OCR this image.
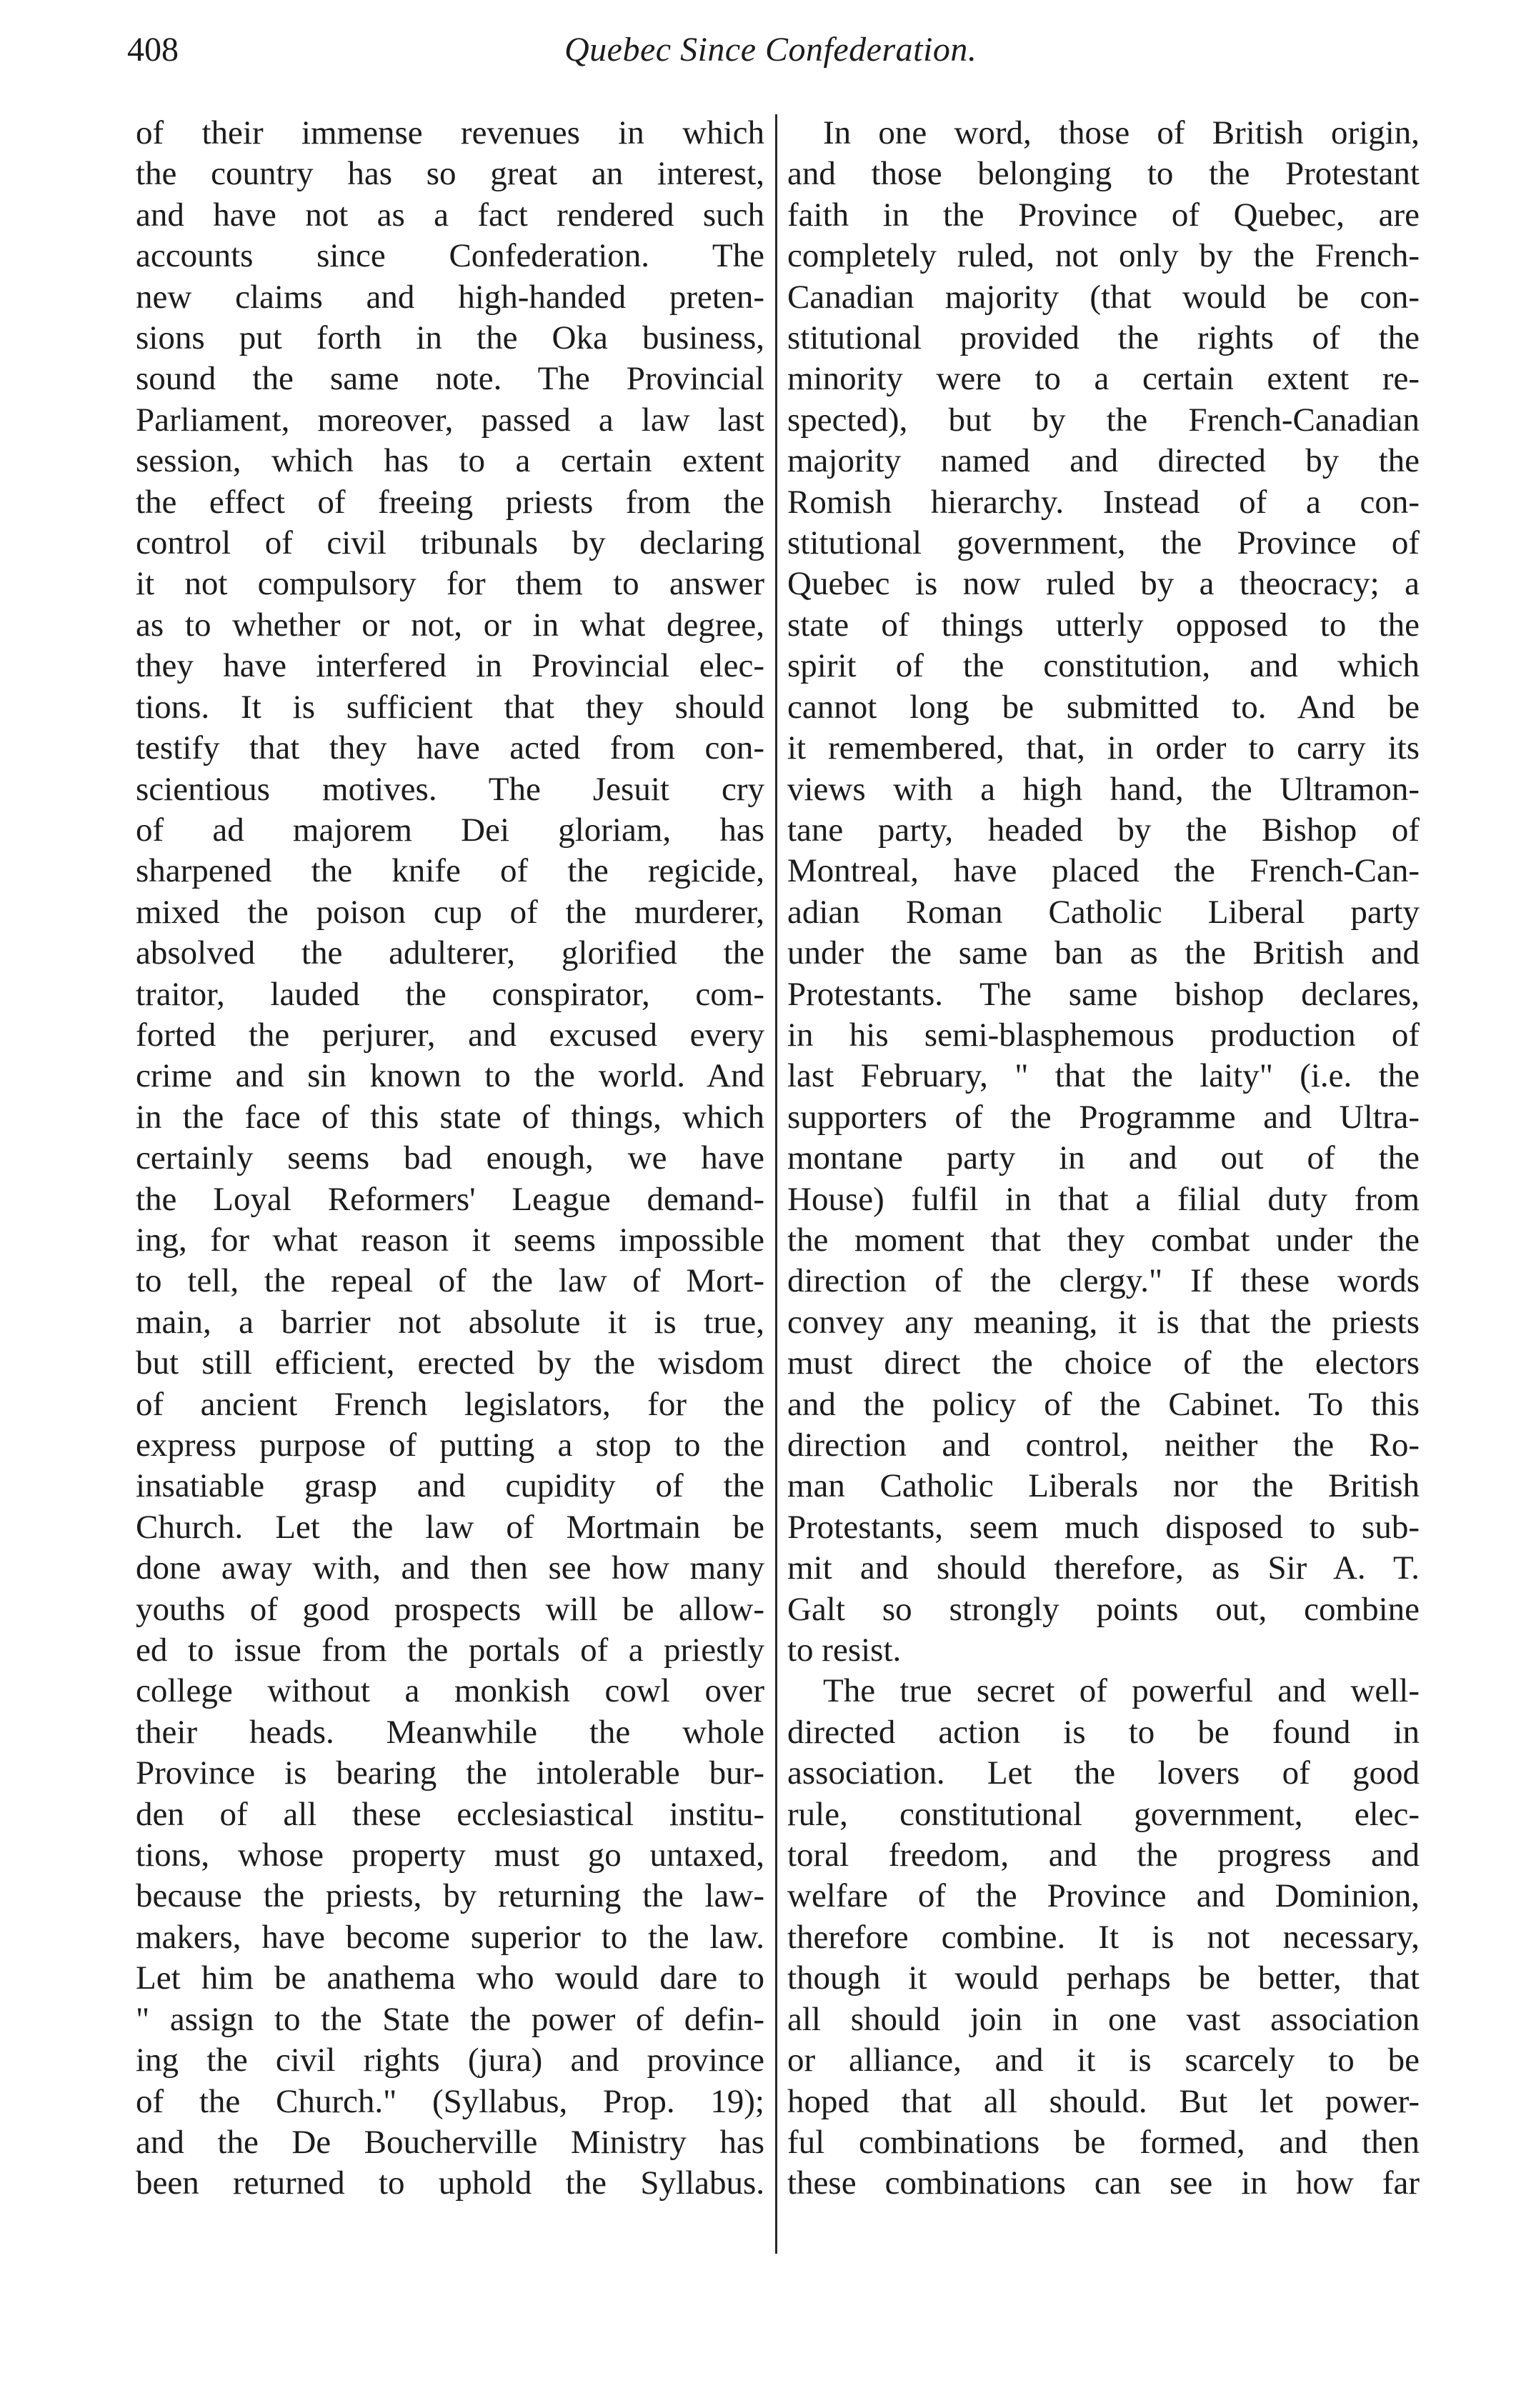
408	Quebec Since Confederation.
of their immense revenues in which
the country has so great an interest,
and have not as a fact rendered such
accounts since Confederation. The
new claims and high-handed preten-
sions put forth in the Oka business,
sound the same note. The Provincial
Parliament, moreover, passed a law last
session, which has to a certain extent
the effect of freeing priests from the
control of civil tribunals by declaring
it not compulsory for them to answer
as to whether or not, or in what degree,
they have interfered in Provincial elec-
tions. It is sufficient that they should
testify that they have acted from con-
scientious motives. The Jesuit cry
of ad majorem Dei gloriam, has
sharpened the knife of the regicide,
mixed the poison cup of the murderer,
absolved the adulterer, glorified the
traitor, lauded the conspirator, com-
forted the perjurer, and excused every
crime and sin known to the world. And
in the face of this state of things, which
certainly seems bad enough, we have
the Loyal Reformers' League demand-
ing, for what reason it seems impossible
to tell, the repeal of the law of Mort-
main, a barrier not absolute it is true,
but still efficient, erected by the wisdom
of ancient French legislators, for the
express purpose of putting a stop to the
insatiable grasp and cupidity of the
Church. Let the law of Mortmain be
done away with, and then see how many
youths of good prospects will be allow-
ed to issue from the portals of a priestly
college without a monkish cowl over
their heads. Meanwhile the whole
Province is bearing the intolerable bur-
den of all these ecclesiastical institu-
tions, whose property must go untaxed,
because the priests, by returning the law-
makers, have become superior to the law.
Let him be anathema who would dare to
" assign to the State the power of defin-
ing the civil rights (jura) and province
of the Church." (Syllabus, Prop. 19);
and the De Boucherville Ministry has
been returned to uphold the Syllabus.
In one word, those of British origin,
and those belonging to the Protestant
faith in the Province of Quebec, are
completely ruled, not only by the French-
Canadian majority (that would be con-
stitutional provided the rights of the
minority were to a certain extent re-
spected), but by the French-Canadian
majority named and directed by the
Romish hierarchy. Instead of a con-
stitutional government, the Province of
Quebec is now ruled by a theocracy; a
state of things utterly opposed to the
spirit of the constitution, and which
cannot long be submitted to. And be
it remembered, that, in order to carry its
views with a high hand, the Ultramon-
tane party, headed by the Bishop of
Montreal, have placed the French-Can-
adian Roman Catholic Liberal party
under the same ban as the British and
Protestants. The same bishop declares,
in his semi-blasphemous production of
last February, " that the laity" (i.e. the
supporters of the Programme and Ultra-
montane party in and out of the
House) fulfil in that a filial duty from
the moment that they combat under the
direction of the clergy." If these words
convey any meaning, it is that the priests
must direct the choice of the electors
and the policy of the Cabinet. To this
direction and control, neither the Ro-
man Catholic Liberals nor the British
Protestants, seem much disposed to sub-
mit and should therefore, as Sir A. T.
Galt so strongly points out, combine
to resist.
The true secret of powerful and well-
directed action is to be found in
association. Let the lovers of good
rule, constitutional government, elec-
toral freedom, and the progress and
welfare of the Province and Dominion,
therefore combine. It is not necessary,
though it would perhaps be better, that
all should join in one vast association
or alliance, and it is scarcely to be
hoped that all should. But let power-
ful combinations be formed, and then
these combinations can see in how far
